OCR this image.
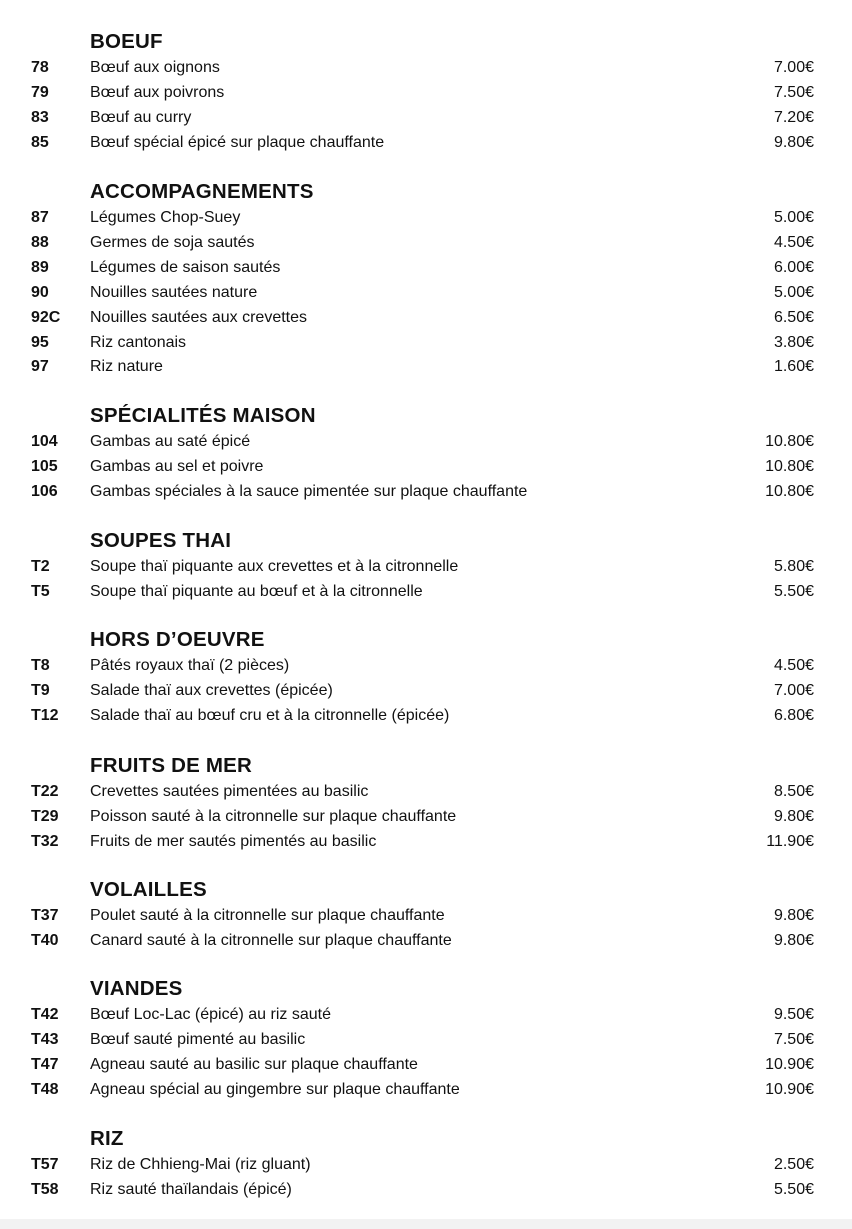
BOEUF
78	Bœuf aux oignons	7.00€
79	Bœuf aux poivrons	7.50€
83	Bœuf au curry	7.20€
85	Bœuf spécial épicé sur plaque chauffante	9.80€
ACCOMPAGNEMENTS
87	Légumes Chop-Suey	5.00€
88	Germes de soja sautés	4.50€
89	Légumes de saison sautés	6.00€
90	Nouilles sautées nature	5.00€
92C Nouilles sautées aux crevettes	6.50€
95	Riz cantonais	3.80€
97	Riz nature	1.60€
SPÉCIALITÉS MAISON
104 Gambas au saté épicé	10.80€
105 Gambas au sel et poivre	10.80€
106 Gambas spéciales à la sauce pimentée sur plaque chauffante	10.80€
SOUPES THAI
T2	Soupe thaï piquante aux crevettes et à la citronnelle	5.80€
T5	Soupe thaï piquante au bœuf et à la citronnelle	5.50€
HORS D’OEUVRE
T8	Pâtés royaux thaï (2 pièces)	4.50€
T9	Salade thaï aux crevettes (épicée)	7.00€
T12 Salade thaï au bœuf cru et à la citronnelle (épicée)	6.80€
FRUITS DE MER
T22 Crevettes sautées pimentées au basilic	8.50€
T29 Poisson sauté à la citronnelle sur plaque chauffante	9.80€
T32 Fruits de mer sautés pimentés au basilic	11.90€
VOLAILLES
T37 Poulet sauté à la citronnelle sur plaque chauffante	9.80€
T40 Canard sauté à la citronnelle sur plaque chauffante	9.80€
VIANDES
T42 Bœuf Loc-Lac (épicé) au riz sauté	9.50€
T43 Bœuf sauté pimenté au basilic	7.50€
T47 Agneau sauté au basilic sur plaque chauffante	10.90€
T48 Agneau spécial au gingembre sur plaque chauffante	10.90€
RIZ
T57 Riz de Chhieng-Mai (riz gluant)	2.50€
T58 Riz sauté thaïlandais (épicé)	5.50€
